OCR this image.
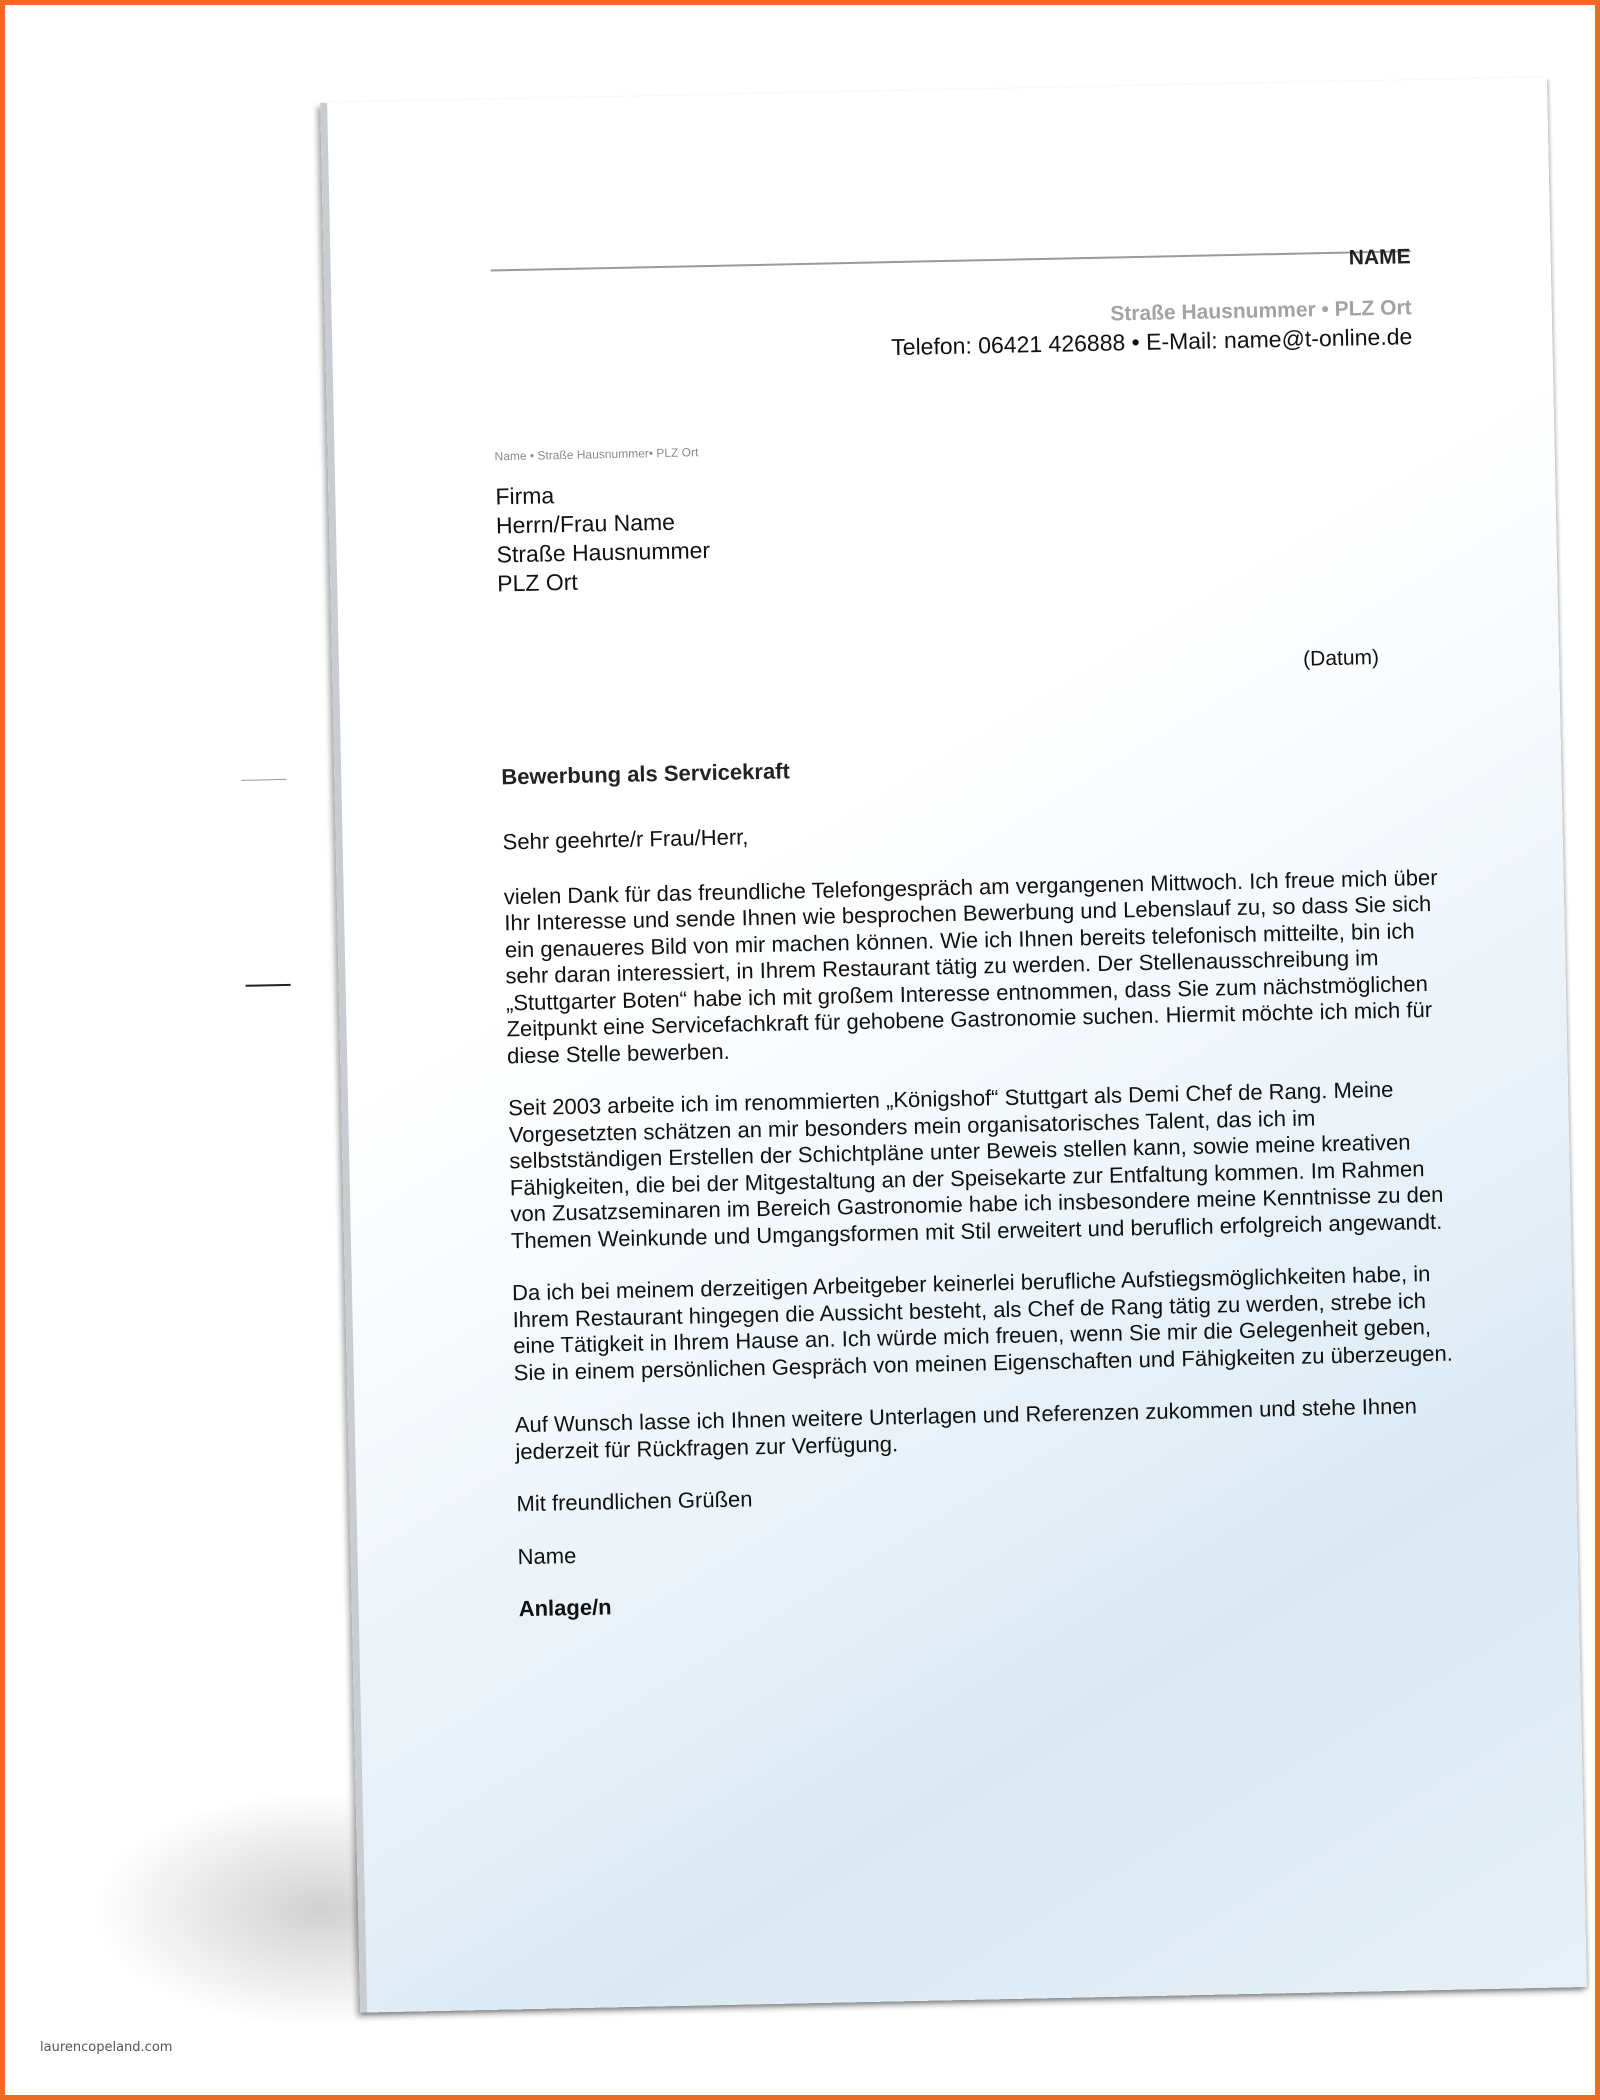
NAME
Straße Hausnummer • PLZ Ort
Telefon: 06421 426888 • E-Mail: name@t-online.de
Name • Straße Hausnummer• PLZ Ort
Firma
Herrn/Frau Name
Straße Hausnummer
PLZ Ort
(Datum)
Bewerbung als Servicekraft

Sehr geehrte/r Frau/Herr,

vielen Dank für das freundliche Telefongespräch am vergangenen Mittwoch. Ich freue mich über Ihr Interesse und sende Ihnen wie besprochen Bewerbung und Lebenslauf zu, so dass Sie sich ein genaueres Bild von mir machen können. Wie ich Ihnen bereits telefonisch mitteilte, bin ich sehr daran interessiert, in Ihrem Restaurant tätig zu werden. Der Stellenausschreibung im „Stuttgarter Boten“ habe ich mit großem Interesse entnommen, dass Sie zum nächstmöglichen Zeitpunkt eine Servicefachkraft für gehobene Gastronomie suchen. Hiermit möchte ich mich für diese Stelle bewerben.

Seit 2003 arbeite ich im renommierten „Königshof“ Stuttgart als Demi Chef de Rang. Meine Vorgesetzten schätzen an mir besonders mein organisatorisches Talent, das ich im selbstständigen Erstellen der Schichtpläne unter Beweis stellen kann, sowie meine kreativen Fähigkeiten, die bei der Mitgestaltung an der Speisekarte zur Entfaltung kommen. Im Rahmen von Zusatzseminaren im Bereich Gastronomie habe ich insbesondere meine Kenntnisse zu den Themen Weinkunde und Umgangsformen mit Stil erweitert und beruflich erfolgreich angewandt.

Da ich bei meinem derzeitigen Arbeitgeber keinerlei berufliche Aufstiegsmöglichkeiten habe, in Ihrem Restaurant hingegen die Aussicht besteht, als Chef de Rang tätig zu werden, strebe ich eine Tätigkeit in Ihrem Hause an. Ich würde mich freuen, wenn Sie mir die Gelegenheit geben, Sie in einem persönlichen Gespräch von meinen Eigenschaften und Fähigkeiten zu überzeugen.

Auf Wunsch lasse ich Ihnen weitere Unterlagen und Referenzen zukommen und stehe Ihnen jederzeit für Rückfragen zur Verfügung.

Mit freundlichen Grüßen

Name

Anlage/n

laurencopeland.com
